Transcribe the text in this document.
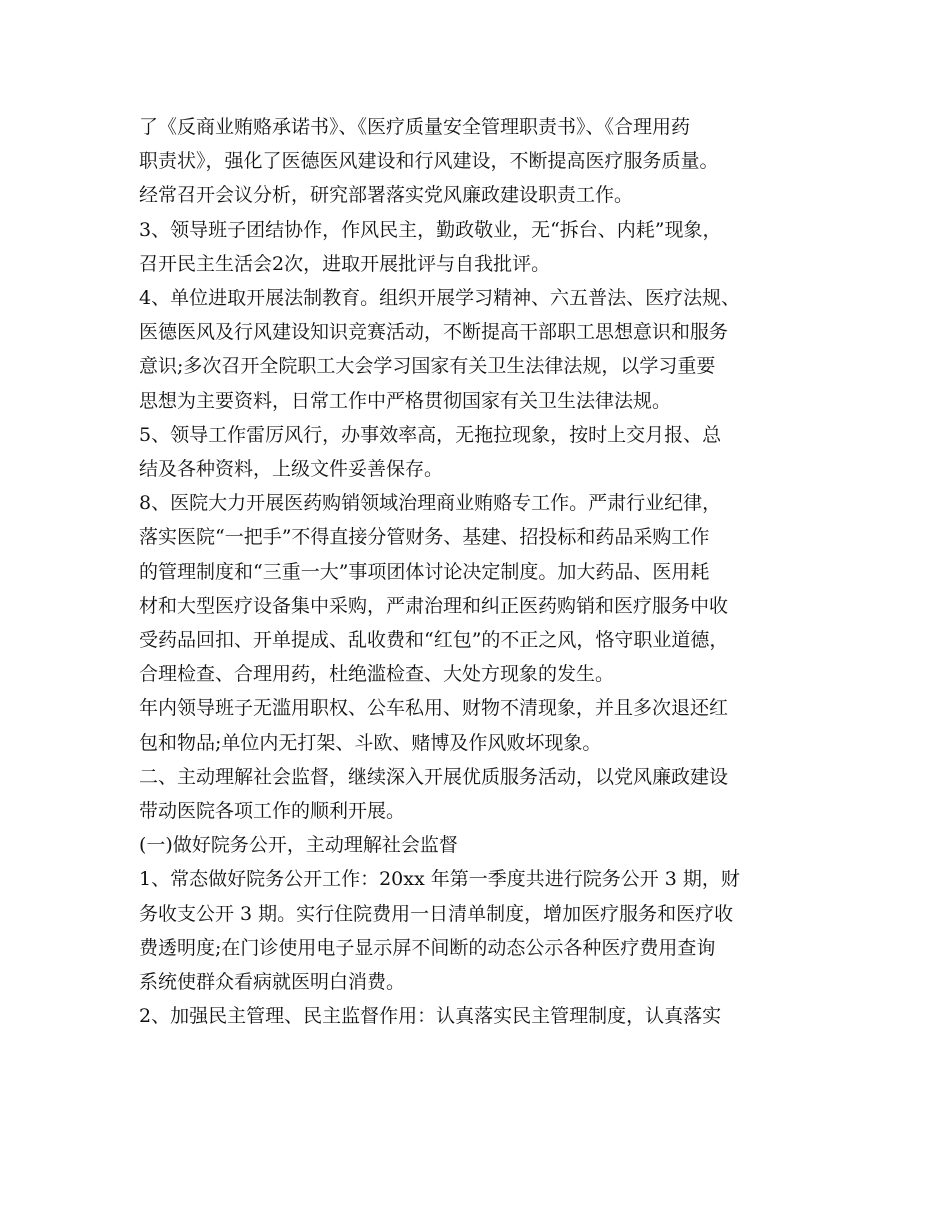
了《反商业贿赂承诺书》、《医疗质量安全管理职责书》、《合理用药
职责状》，强化了医德医风建设和行风建设，不断提高医疗服务质量。
经常召开会议分析，研究部署落实党风廉政建设职责工作。
3、领导班子团结协作，作风民主，勤政敬业，无“拆台、内耗”现象，
召开民主生活会2次，进取开展批评与自我批评。
4、单位进取开展法制教育。组织开展学习精神、六五普法、医疗法规、
医德医风及行风建设知识竞赛活动，不断提高干部职工思想意识和服务
意识;多次召开全院职工大会学习国家有关卫生法律法规，以学习重要
思想为主要资料，日常工作中严格贯彻国家有关卫生法律法规。
5、领导工作雷厉风行，办事效率高，无拖拉现象，按时上交月报、总
结及各种资料，上级文件妥善保存。
8、医院大力开展医药购销领域治理商业贿赂专工作。严肃行业纪律，
落实医院“一把手”不得直接分管财务、基建、招投标和药品采购工作
的管理制度和“三重一大”事项团体讨论决定制度。加大药品、医用耗
材和大型医疗设备集中采购，严肃治理和纠正医药购销和医疗服务中收
受药品回扣、开单提成、乱收费和“红包”的不正之风，恪守职业道德，
合理检查、合理用药，杜绝滥检查、大处方现象的发生。
年内领导班子无滥用职权、公车私用、财物不清现象，并且多次退还红
包和物品;单位内无打架、斗欧、赌博及作风败坏现象。
二、主动理解社会监督，继续深入开展优质服务活动，以党风廉政建设
带动医院各项工作的顺利开展。
(一)做好院务公开，主动理解社会监督
1、常态做好院务公开工作：20xx 年第一季度共进行院务公开 3 期，财
务收支公开 3 期。实行住院费用一日清单制度，增加医疗服务和医疗收
费透明度;在门诊使用电子显示屏不间断的动态公示各种医疗费用查询
系统使群众看病就医明白消费。
2、加强民主管理、民主监督作用：认真落实民主管理制度，认真落实
